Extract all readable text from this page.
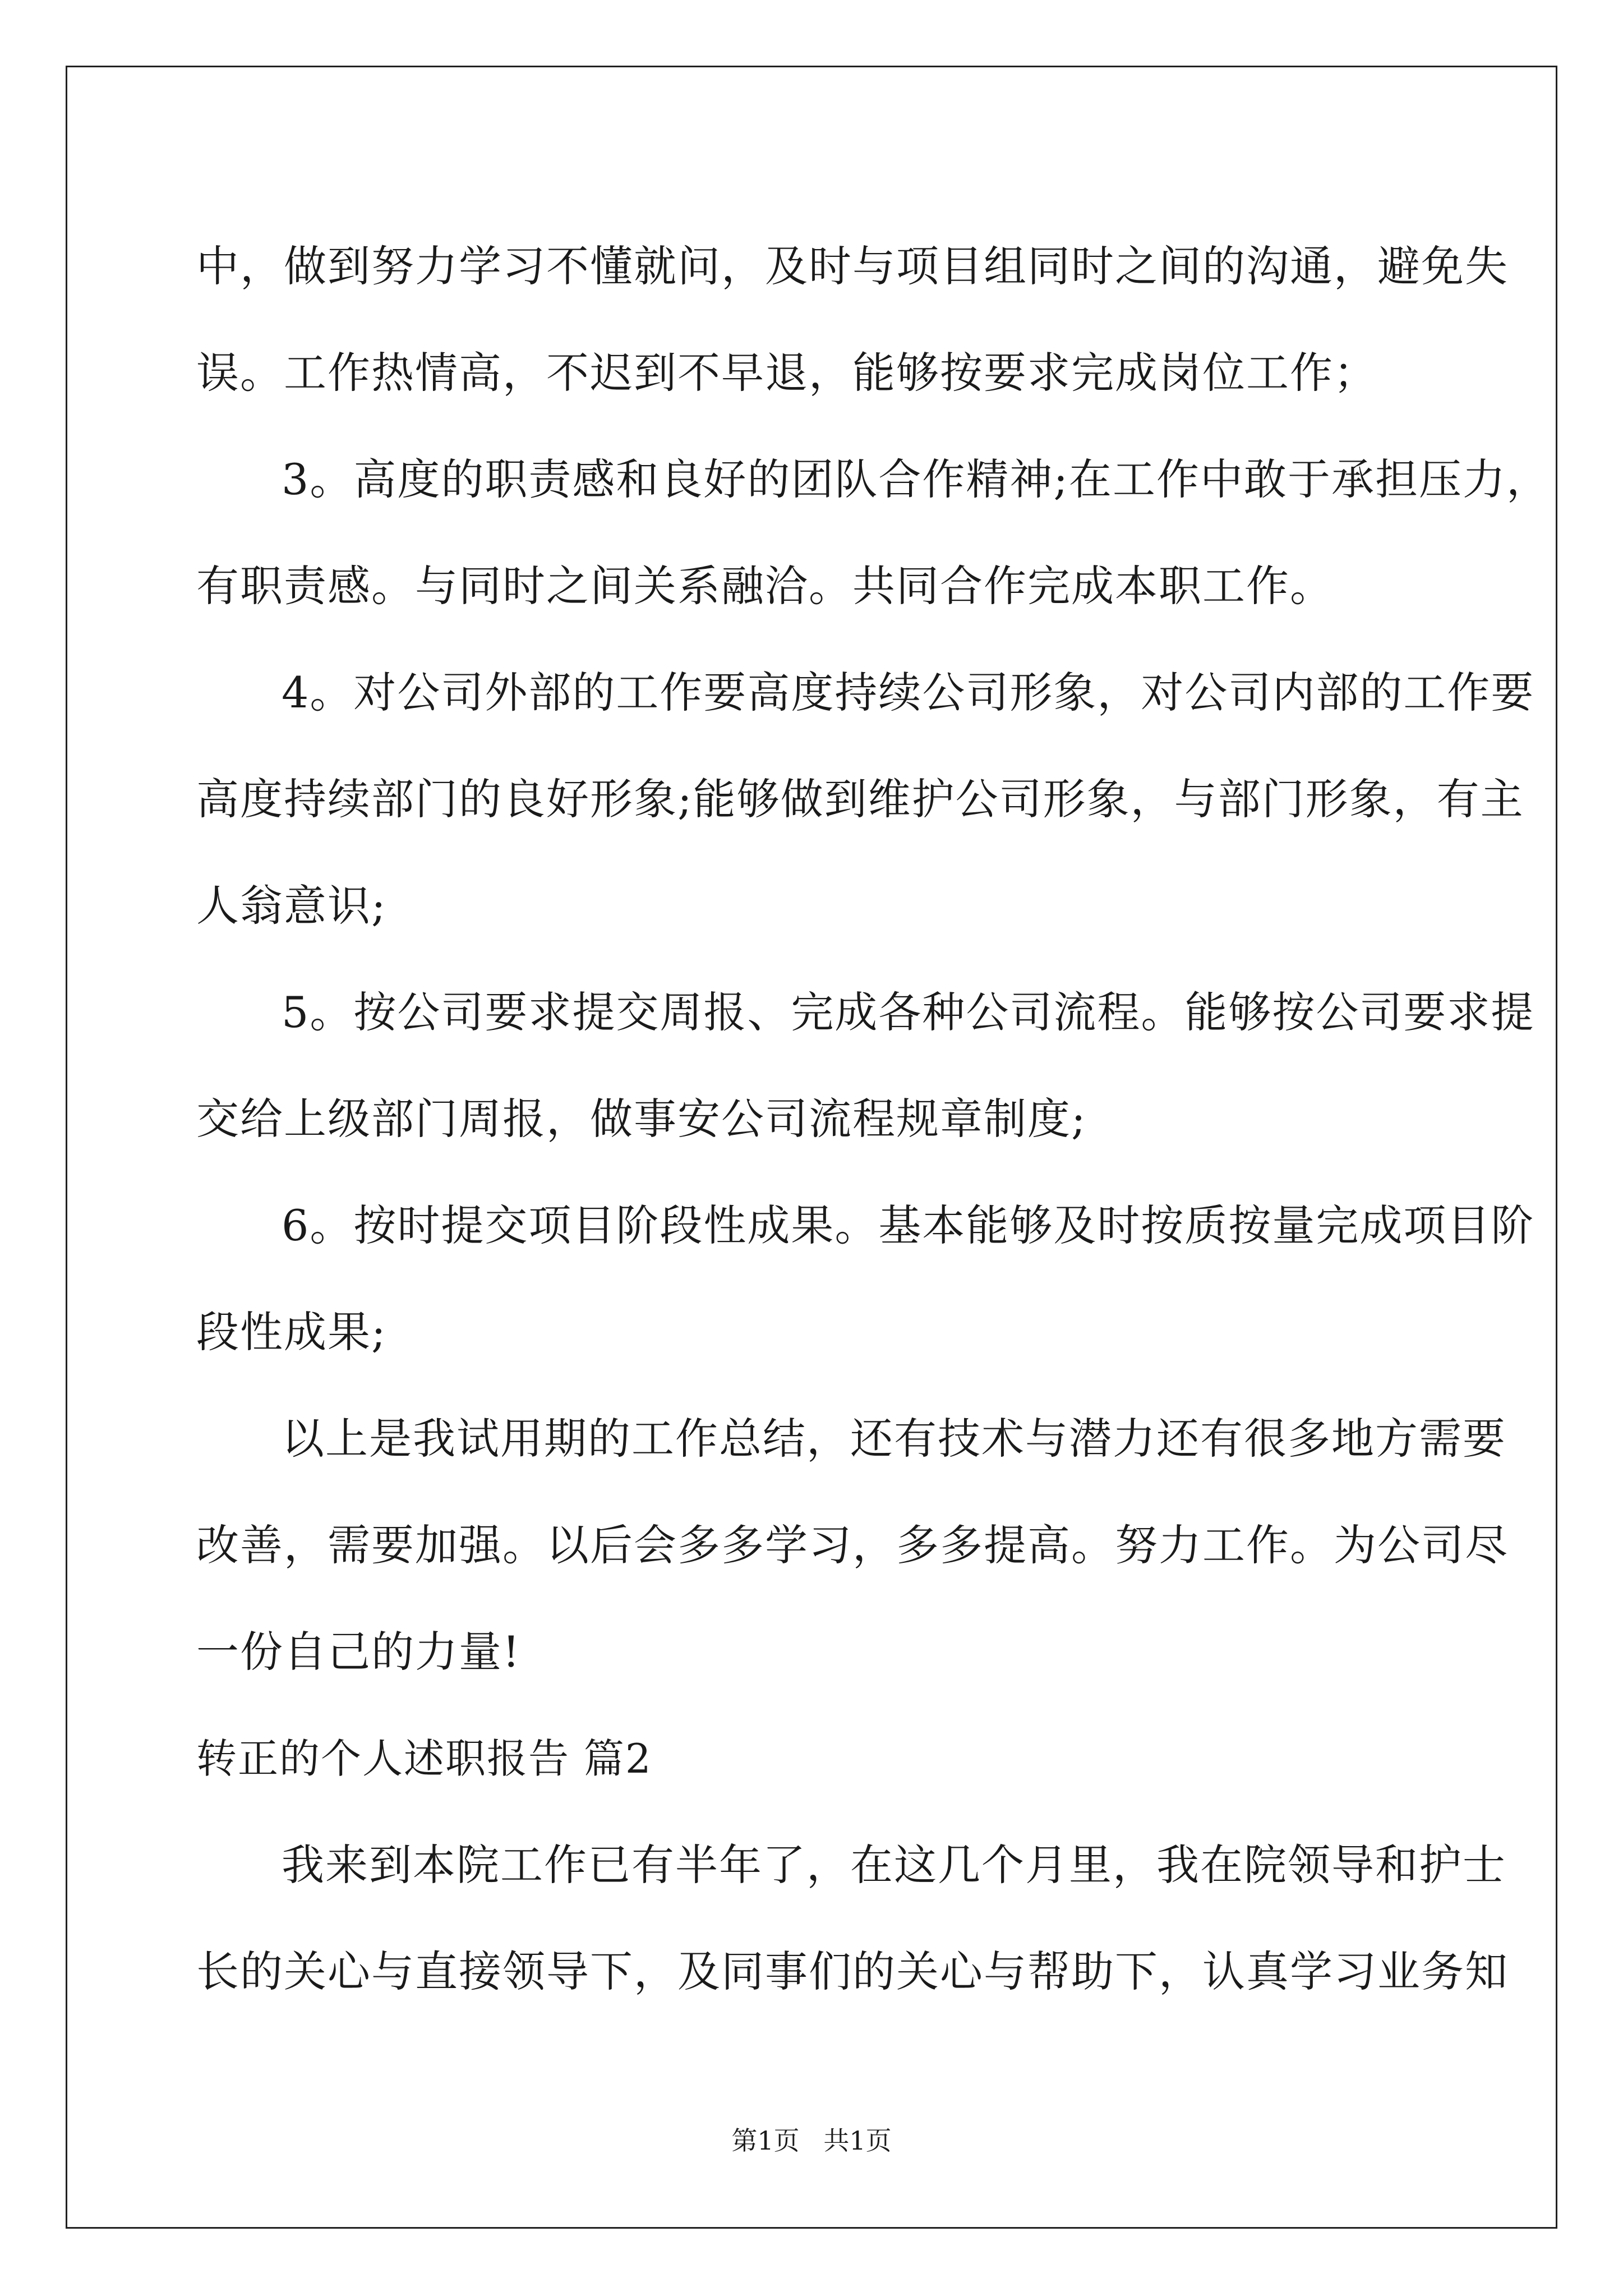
中，做到努力学习不懂就问，及时与项目组同时之间的沟通，避免失
误。工作热情高，不迟到不早退，能够按要求完成岗位工作；
3。高度的职责感和良好的团队合作精神;在工作中敢于承担压力，
有职责感。与同时之间关系融洽。共同合作完成本职工作。
4。对公司外部的工作要高度持续公司形象，对公司内部的工作要
高度持续部门的良好形象;能够做到维护公司形象，与部门形象，有主
人翁意识;
5。按公司要求提交周报、完成各种公司流程。能够按公司要求提
交给上级部门周报，做事安公司流程规章制度;
6。按时提交项目阶段性成果。基本能够及时按质按量完成项目阶
段性成果;
以上是我试用期的工作总结，还有技术与潜力还有很多地方需要
改善，需要加强。以后会多多学习，多多提高。努力工作。为公司尽
一份自己的力量!
转正的个人述职报告 篇2
我来到本院工作已有半年了，在这几个月里，我在院领导和护士
长的关心与直接领导下，及同事们的关心与帮助下，认真学习业务知
第1页 共1页
